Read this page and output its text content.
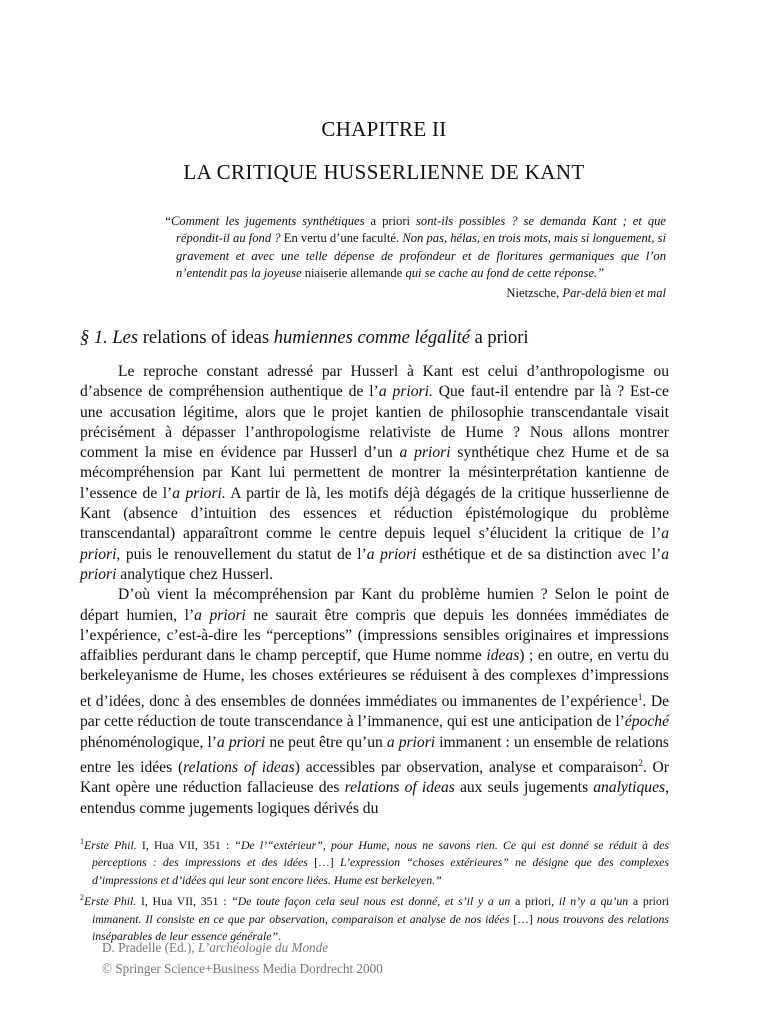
CHAPITRE II
LA CRITIQUE HUSSERLIENNE DE KANT

“Comment les jugements synthétiques a priori sont-ils possibles ? se demanda Kant ; et que répondit-il au fond ? En vertu d’une faculté. Non pas, hélas, en trois mots, mais si longuement, si gravement et avec une telle dépense de profondeur et de floritures germaniques que l’on n’entendit pas la joyeuse niaiserie allemande qui se cache au fond de cette réponse.”

Nietzsche, Par-delà bien et mal

§ 1. Les relations of ideas humiennes comme légalité a priori

Le reproche constant adressé par Husserl à Kant est celui d’anthropologisme ou d’absence de compréhension authentique de l’a priori. Que faut-il entendre par là ? Est-ce une accusation légitime, alors que le projet kantien de philosophie transcendantale visait précisément à dépasser l’anthropologisme relativiste de Hume ? Nous allons montrer comment la mise en évidence par Husserl d’un a priori synthétique chez Hume et de sa mécompréhension par Kant lui permettent de montrer la mésinterprétation kantienne de l’essence de l’a priori. A partir de là, les motifs déjà dégagés de la critique husserlienne de Kant (absence d’intuition des essences et réduction épistémologique du problème transcendantal) apparaîtront comme le centre depuis lequel s’élucident la critique de l’a priori, puis le renouvellement du statut de l’a priori esthétique et de sa distinction avec l’a priori analytique chez Husserl.

D’où vient la mécompréhension par Kant du problème humien ? Selon le point de départ humien, l’a priori ne saurait être compris que depuis les données immédiates de l’expérience, c’est-à-dire les “perceptions” (impressions sensibles originaires et impressions affaiblies perdurant dans le champ perceptif, que Hume nomme ideas) ; en outre, en vertu du berkeleyanisme de Hume, les choses extérieures se réduisent à des complexes d’impressions et d’idées, donc à des ensembles de données immédiates ou immanentes de l’expérience$^1$. De par cette réduction de toute transcendance à l’immanence, qui est une anticipation de l’époché phénoménologique, l’a priori ne peut être qu’un a priori immanent : un ensemble de relations entre les idées (relations of ideas) accessibles par observation, analyse et comparaison$^2$. Or Kant opère une réduction fallacieuse des relations of ideas aux seuls jugements analytiques, entendus comme jugements logiques dérivés du

$^1$Erste Phil. I, Hua VII, 351 : “De l’“extérieur”, pour Hume, nous ne savons rien. Ce qui est donné se réduit à des perceptions : des impressions et des idées […] L’expression “choses extérieures” ne désigne que des complexes d’impressions et d’idées qui leur sont encore liées. Hume est berkeleyen.”

$^2$Erste Phil. I, Hua VII, 351 : “De toute façon cela seul nous est donné, et s’il y a un a priori, il n’y a qu’un a priori immanent. Il consiste en ce que par observation, comparaison et analyse de nos idées […] nous trouvons des relations inséparables de leur essence générale”.

D. Pradelle (Ed.), L’archéologie du Monde
© Springer Science+Business Media Dordrecht 2000
